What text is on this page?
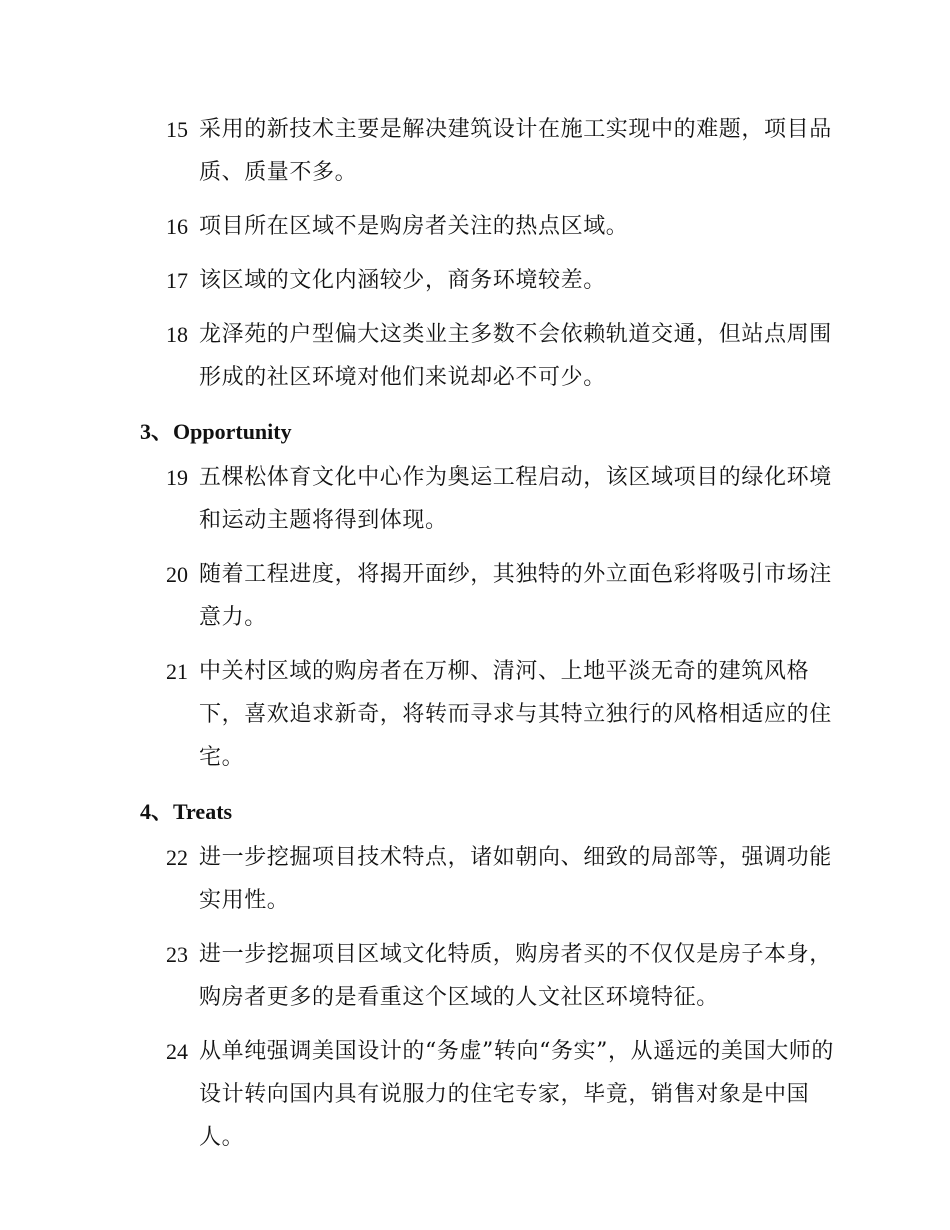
15 采用的新技术主要是解决建筑设计在施工实现中的难题，项目品质、质量不多。
16 项目所在区域不是购房者关注的热点区域。
17 该区域的文化内涵较少，商务环境较差。
18 龙泽苑的户型偏大这类业主多数不会依赖轨道交通，但站点周围形成的社区环境对他们来说却必不可少。
3、Opportunity
19 五棵松体育文化中心作为奥运工程启动，该区域项目的绿化环境和运动主题将得到体现。
20 随着工程进度，将揭开面纱，其独特的外立面色彩将吸引市场注意力。
21 中关村区域的购房者在万柳、清河、上地平淡无奇的建筑风格下，喜欢追求新奇，将转而寻求与其特立独行的风格相适应的住宅。
4、Treats
22 进一步挖掘项目技术特点，诸如朝向、细致的局部等，强调功能实用性。
23 进一步挖掘项目区域文化特质，购房者买的不仅仅是房子本身，购房者更多的是看重这个区域的人文社区环境特征。
24 从单纯强调美国设计的“务虚”转向“务实”，从遥远的美国大师的设计转向国内具有说服力的住宅专家，毕竟，销售对象是中国人。
